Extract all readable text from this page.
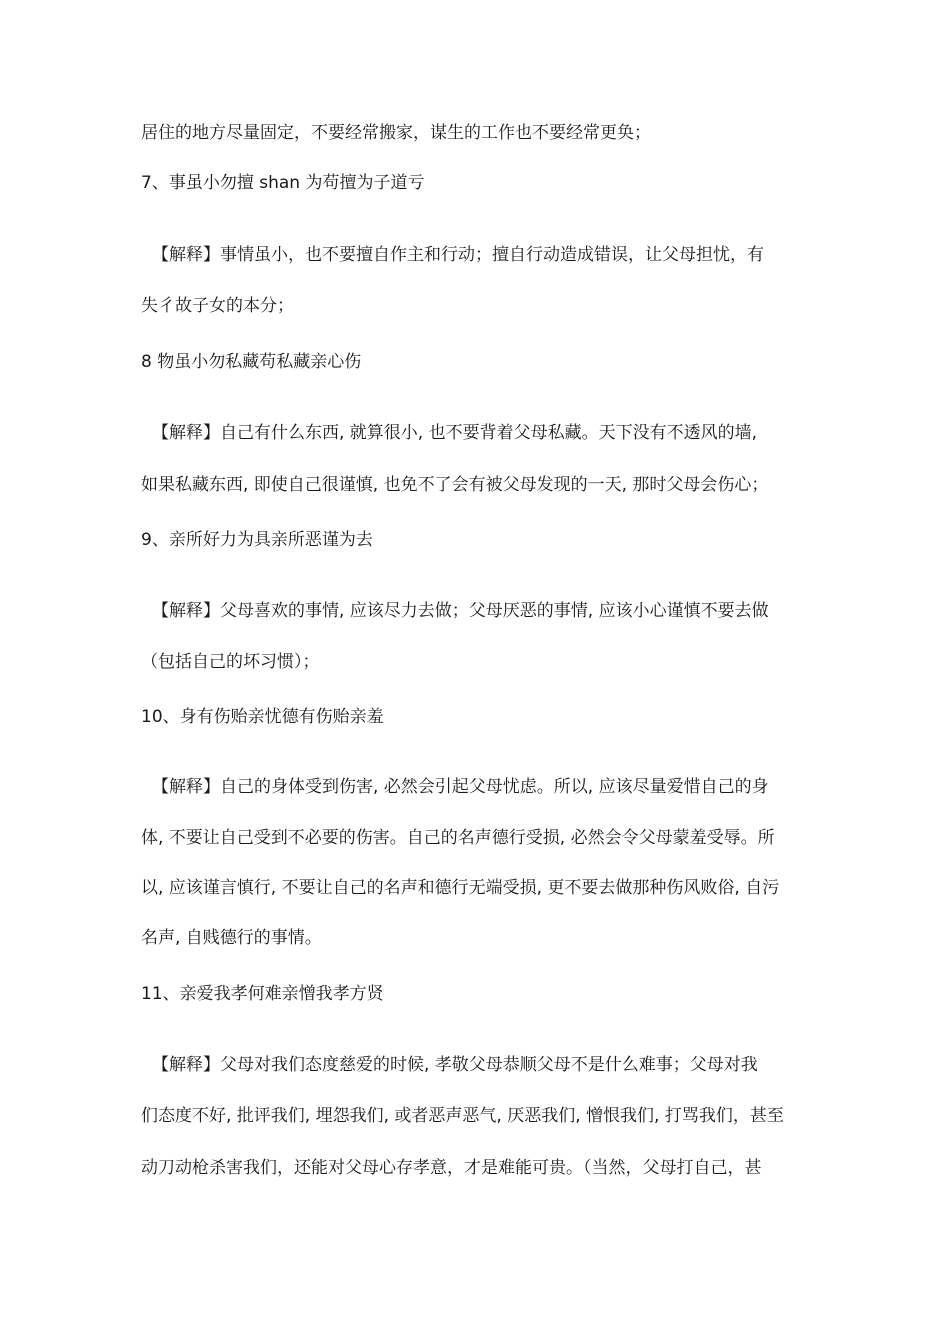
居住的地方尽量固定，不要经常搬家，谋生的工作也不要经常更奂；
7、事虽小勿擅 shan 为苟擅为子道亏
【解释】事情虽小，也不要擅自作主和行动；擅自行动造成错误，让父母担忧，有
失彳故子女的本分；
8 物虽小勿私藏苟私藏亲心伤
【解释】自己有什么东西, 就算很小, 也不要背着父母私藏。天下没有不透风的墙,
如果私藏东西, 即使自己很谨慎, 也免不了会有被父母发现的一天, 那时父母会伤心；
9、亲所好力为具亲所恶谨为去
【解释】父母喜欢的事情, 应该尽力去做；父母厌恶的事情, 应该小心谨慎不要去做
（包括自己的坏习惯）；
10、身有伤贻亲忧德有伤贻亲羞
【解释】自己的身体受到伤害, 必然会引起父母忧虑。所以, 应该尽量爱惜自己的身
体, 不要让自己受到不必要的伤害。自己的名声德行受损, 必然会令父母蒙羞受辱。所
以, 应该谨言慎行, 不要让自己的名声和德行无端受损, 更不要去做那种伤风败俗, 自污
名声, 自贱德行的事情。
11、亲爱我孝何难亲憎我孝方贤
【解释】父母对我们态度慈爱的时候, 孝敬父母恭顺父母不是什么难事；父母对我
们态度不好, 批评我们, 埋怨我们, 或者恶声恶气, 厌恶我们, 憎恨我们, 打骂我们，甚至
动刀动枪杀害我们，还能对父母心存孝意，才是难能可贵。（当然，父母打自己，甚
